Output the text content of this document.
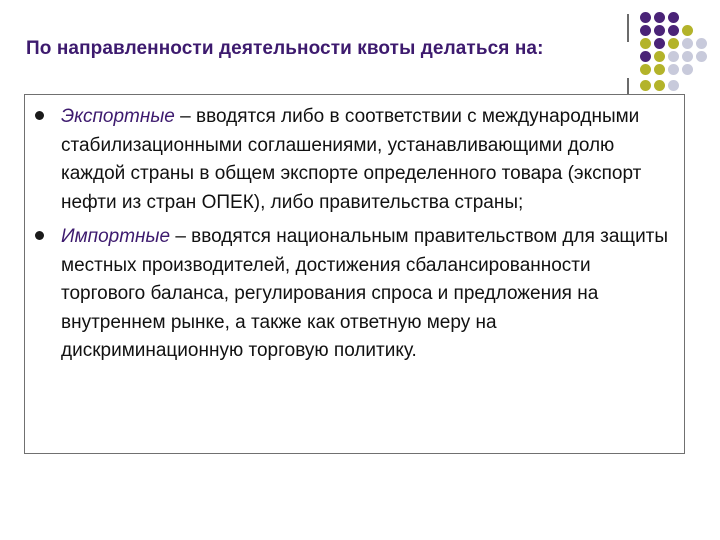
По направленности деятельности квоты делаться на:
Экспортные – вводятся либо в соответствии с международными стабилизационными соглашениями, устанавливающими долю каждой страны в общем экспорте определенного товара (экспорт нефти из стран ОПЕК), либо правительства страны;
Импортные – вводятся национальным правительством для защиты местных производителей, достижения сбалансированности торгового баланса, регулирования спроса и предложения на внутреннем рынке, а также как ответную меру на дискриминационную торговую политику.
